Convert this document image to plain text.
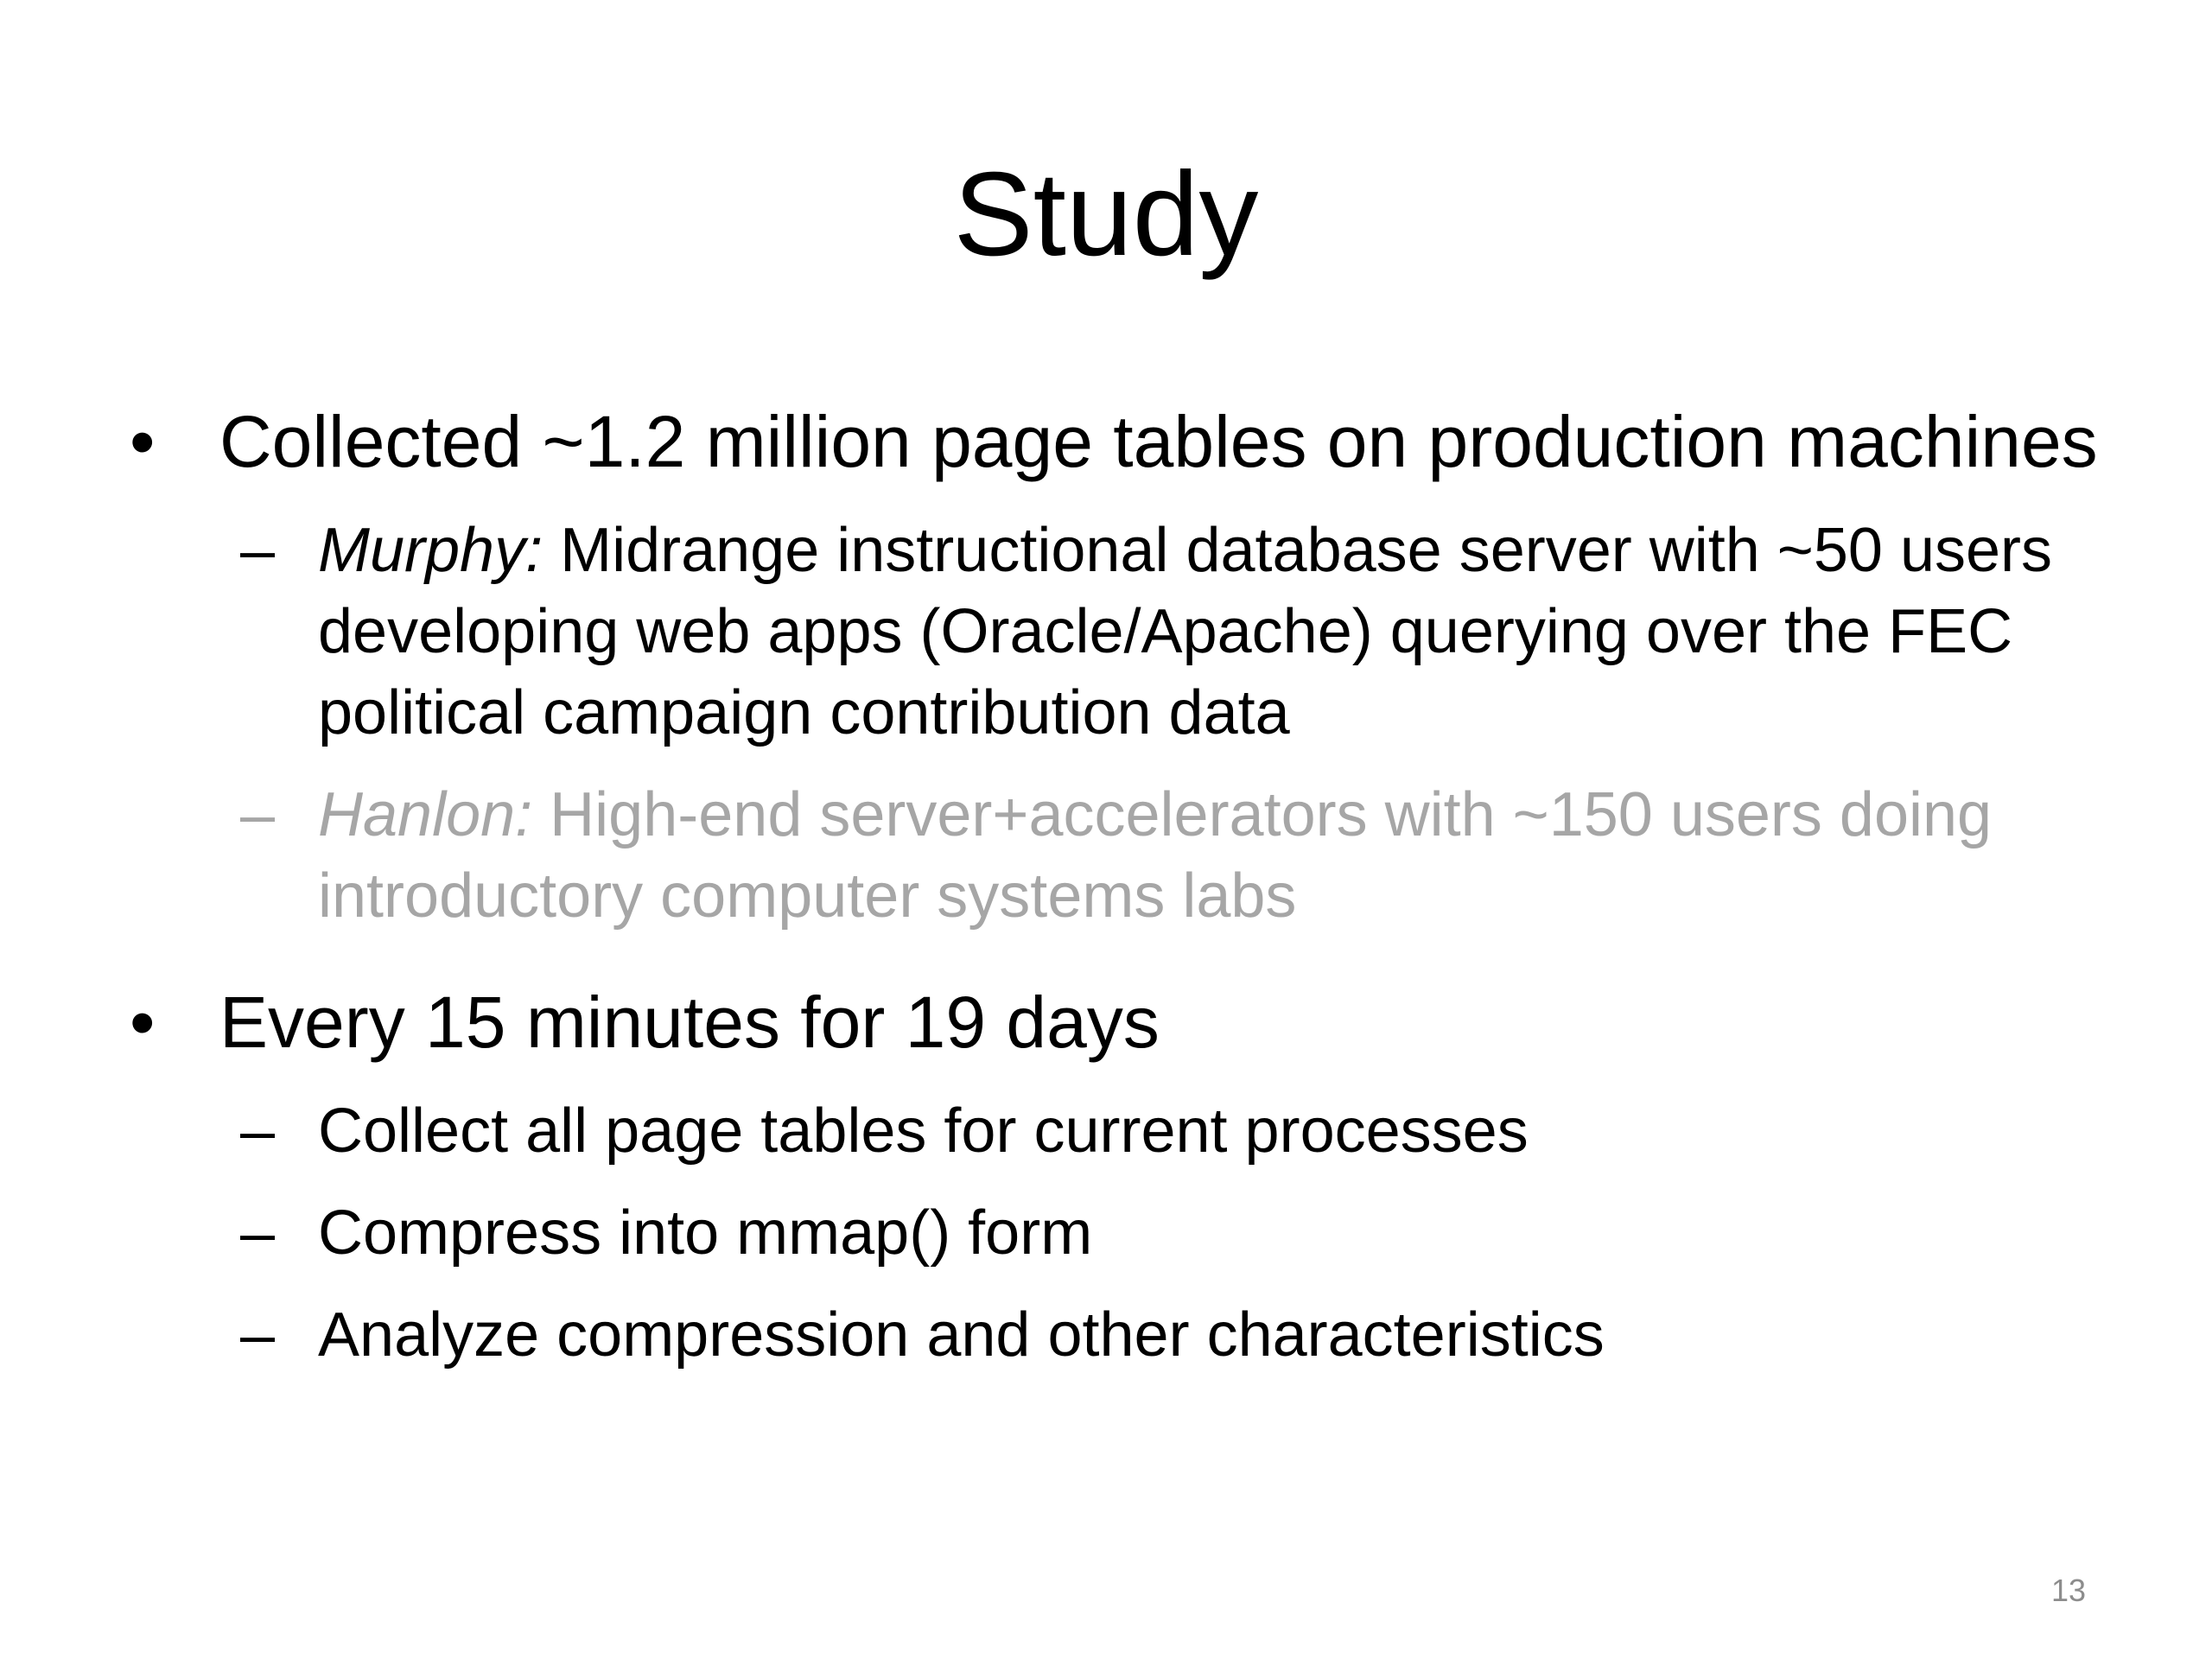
Study
• Collected ~1.2 million page tables on production machines
– Murphy: Midrange instructional database server with ~50 users developing web apps (Oracle/Apache) querying over the FEC political campaign contribution data
– Hanlon: High-end server+accelerators with ~150 users doing introductory computer systems labs
• Every 15 minutes for 19 days
– Collect all page tables for current processes
– Compress into mmap() form
– Analyze compression and other characteristics
13
